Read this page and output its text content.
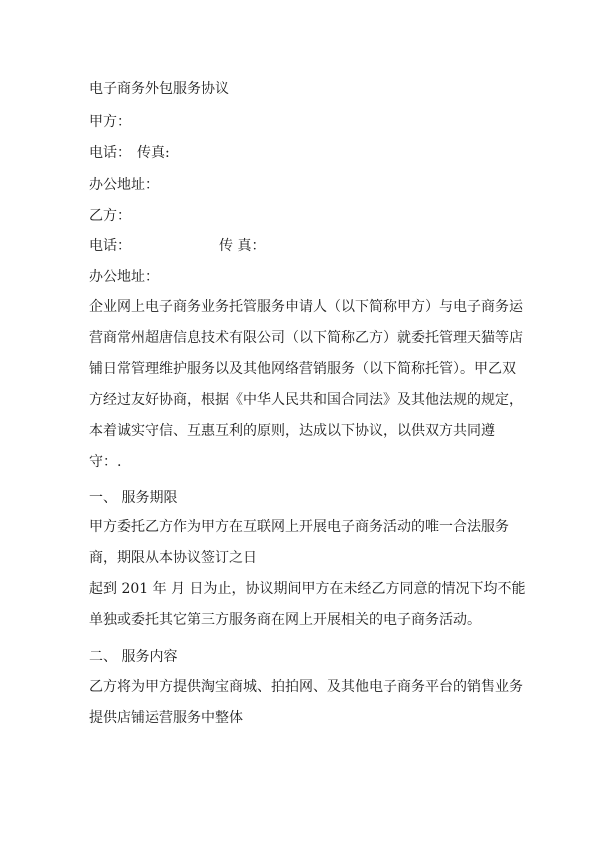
电子商务外包服务协议
甲方：
电话： 传真:
办公地址：
乙方：
电话：	传 真：
办公地址：
企业网上电子商务业务托管服务申请人（以下简称甲方）与电子商务运
营商常州超唐信息技术有限公司（以下简称乙方）就委托管理天猫等店
铺日常管理维护服务以及其他网络营销服务（以下简称托管）。甲乙双
方经过友好协商，根据《中华人民共和国合同法》及其他法规的规定，
本着诚实守信、互惠互利的原则，达成以下协议，以供双方共同遵
守：.
一、 服务期限
甲方委托乙方作为甲方在互联网上开展电子商务活动的唯一合法服务
商，期限从本协议签订之日
起到 201 年 月 日为止，协议期间甲方在未经乙方同意的情况下均不能
单独或委托其它第三方服务商在网上开展相关的电子商务活动。
二、 服务内容
乙方将为甲方提供淘宝商城、拍拍网、及其他电子商务平台的销售业务
提供店铺运营服务中整体
